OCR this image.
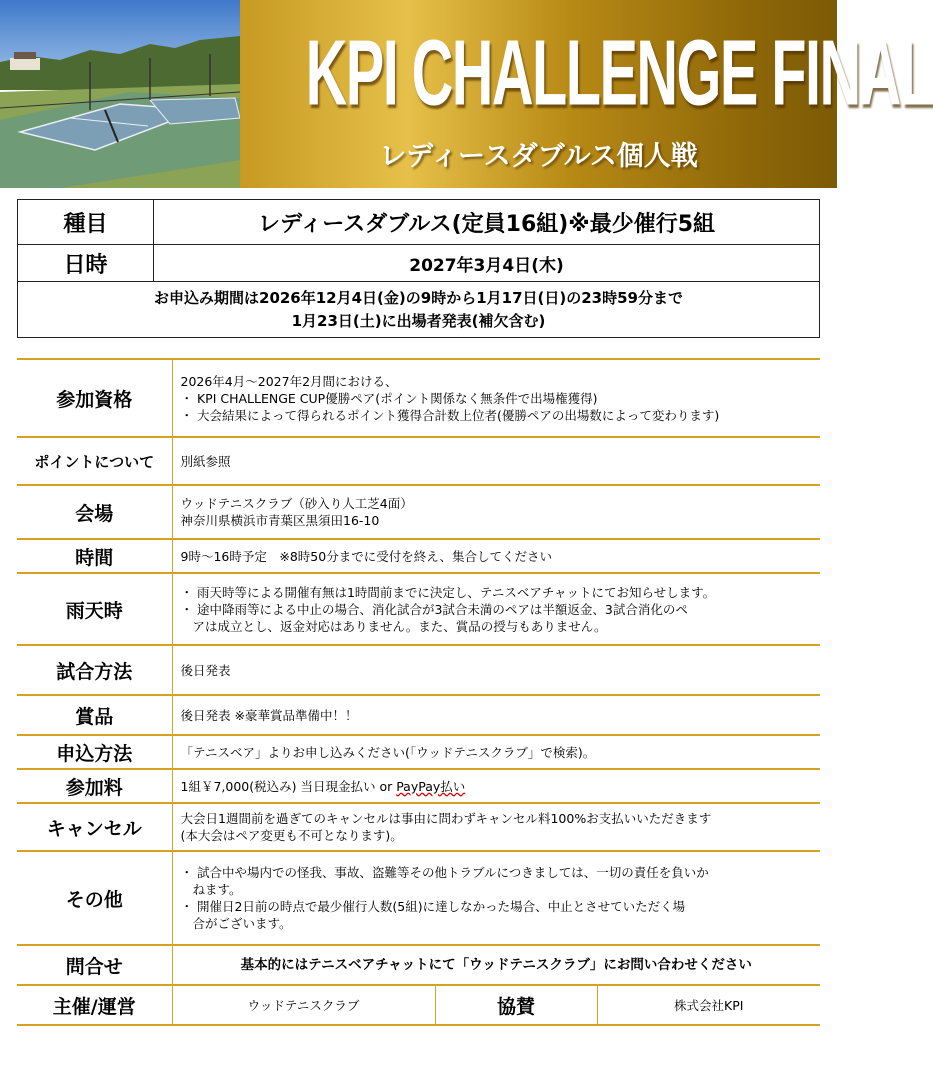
KPI CHALLENGE FINAL
レディースダブルス個人戦
種目	レディースダブルス(定員16組)※最少催行5組
日時	2027年3月4日(木)

お申込み期間は2026年12月4日(金)の9時から1月17日(日)の23時59分まで
1月23日(土)に出場者発表(補欠含む)	
参加資格	2026年4月～2027年2月間における、
・ KPI CHALLENGE CUP優勝ペア(ポイント関係なく無条件で出場権獲得)
・ 大会結果によって得られるポイント獲得合計数上位者(優勝ペアの出場数によって変わります)		

ポイントについて	別紙参照		
会場	ウッドテニスクラブ（砂入り人工芝4面）
神奈川県横浜市青葉区黒須田16-10		

時間	9時～16時予定　※8時50分までに受付を終え、集合してください		
雨天時	・ 雨天時等による開催有無は1時間前までに決定し、テニスベアチャットにてお知らせします。
・ 途中降雨等による中止の場合、消化試合が3試合未満のペアは半額返金、3試合消化のペ
アは成立とし、返金対応はありません。また、賞品の授与もありません。		

試合方法	後日発表		
賞品	後日発表 ※豪華賞品準備中！！		
申込方法	「テニスベア」よりお申し込みください(「ウッドテニスクラブ」で検索)。		
参加料	1組￥7,000(税込み) 当日現金払い or PayPay払い		
キャンセル	大会日1週間前を過ぎてのキャンセルは事由に問わずキャンセル料100%お支払いいただきます
(本大会はペア変更も不可となります)。		

その他	・ 試合中や場内での怪我、事故、盗難等その他トラブルにつきましては、一切の責任を負いか
ねます。
・ 開催日2日前の時点で最少催行人数(5組)に達しなかった場合、中止とさせていただく場
合がございます。		

問合せ	基本的にはテニスベアチャットにて「ウッドテニスクラブ」にお問い合わせください		
主催/運営	ウッドテニスクラブ	協賛	株式会社KPI
